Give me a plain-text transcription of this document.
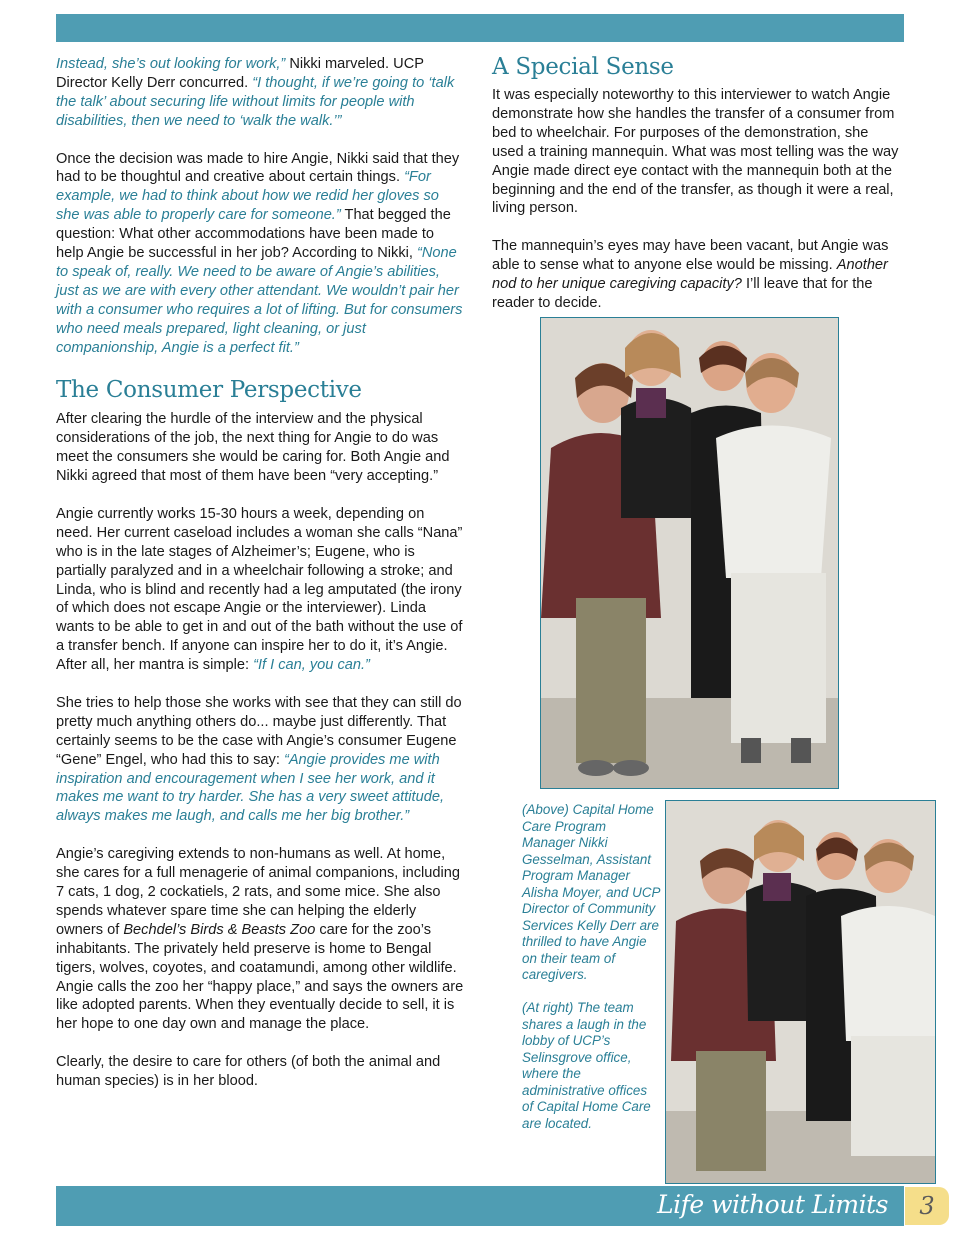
Instead, she’s out looking for work,” Nikki marveled. UCP Director Kelly Derr concurred. “I thought, if we’re going to ‘talk the talk’ about securing life without limits for people with disabilities, then we need to ‘walk the walk.’”

Once the decision was made to hire Angie, Nikki said that they had to be thoughtul and creative about certain things. “For example, we had to think about how we redid her gloves so she was able to properly care for someone.” That begged the question: What other accommodations have been made to help Angie be successful in her job? According to Nikki, “None to speak of, really. We need to be aware of Angie’s abilities, just as we are with every other attendant. We wouldn’t pair her with a consumer who requires a lot of lifting. But for consumers who need meals prepared, light cleaning, or just companionship, Angie is a perfect fit.”

The Consumer Perspective

After clearing the hurdle of the interview and the physical considerations of the job, the next thing for Angie to do was meet the consumers she would be caring for. Both Angie and Nikki agreed that most of them have been “very accepting.”

Angie currently works 15-30 hours a week, depending on need. Her current caseload includes a woman she calls “Nana” who is in the late stages of Alzheimer’s; Eugene, who is partially paralyzed and in a wheelchair following a stroke; and Linda, who is blind and recently had a leg amputated (the irony of which does not escape Angie or the interviewer). Linda wants to be able to get in and out of the bath without the use of a transfer bench. If anyone can inspire her to do it, it’s Angie. After all, her mantra is simple: “If I can, you can.”

She tries to help those she works with see that they can still do pretty much anything others do... maybe just differently. That certainly seems to be the case with Angie’s consumer Eugene “Gene” Engel, who had this to say: “Angie provides me with inspiration and encouragement when I see her work, and it makes me want to try harder. She has a very sweet attitude, always makes me laugh, and calls me her big brother.”

Angie’s caregiving extends to non-humans as well. At home, she cares for a full menagerie of animal companions, including 7 cats, 1 dog, 2 cockatiels, 2 rats, and some mice. She also spends whatever spare time she can helping the elderly owners of Bechdel’s Birds & Beasts Zoo care for the zoo’s inhabitants. The privately held preserve is home to Bengal tigers, wolves, coyotes, and coatamundi, among other wildlife. Angie calls the zoo her “happy place,” and says the owners are like adopted parents. When they eventually decide to sell, it is her hope to one day own and manage the place.

Clearly, the desire to care for others (of both the animal and human species) is in her blood.

A Special Sense

It was especially noteworthy to this interviewer to watch Angie demonstrate how she handles the transfer of a consumer from bed to wheelchair. For purposes of the demonstration, she used a training mannequin. What was most telling was the way Angie made direct eye contact with the mannequin both at the beginning and the end of the transfer, as though it were a real, living person.

The mannequin’s eyes may have been vacant, but Angie was able to sense what to anyone else would be missing. Another nod to her unique caregiving capacity? I’ll leave that for the reader to decide.

(Above) Capital Home Care Program Manager Nikki Gesselman, Assistant Program Manager Alisha Moyer, and UCP Director of Community Services Kelly Derr are thrilled to have Angie on their team of caregivers.

(At right) The team shares a laugh in the lobby of UCP’s Selinsgrove office, where the administrative offices of Capital Home Care are located.

Life without Limits	3
